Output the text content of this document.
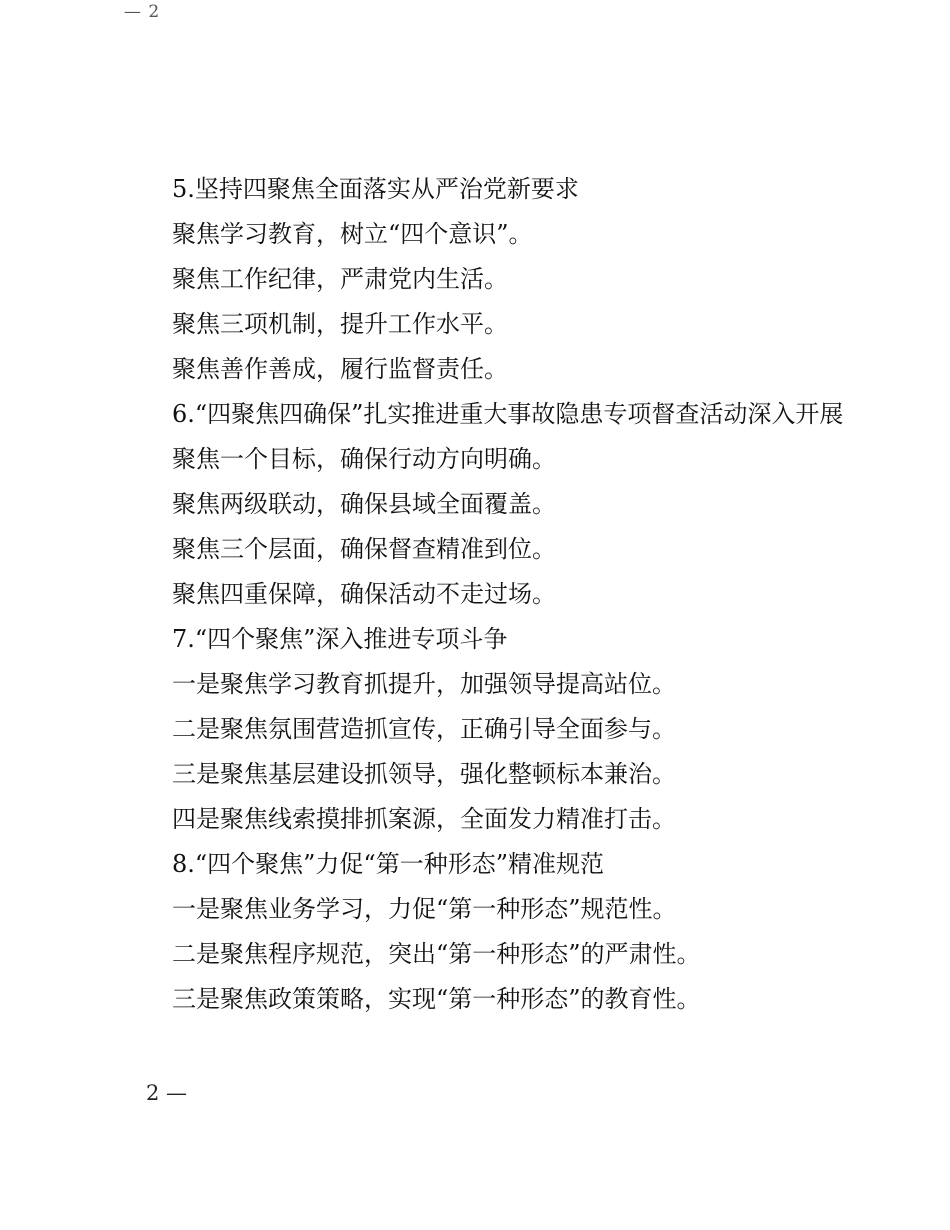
— 2

5.坚持四聚焦全面落实从严治党新要求

聚焦学习教育，树立“四个意识”。

聚焦工作纪律，严肃党内生活。

聚焦三项机制，提升工作水平。

聚焦善作善成，履行监督责任。

6.“四聚焦四确保”扎实推进重大事故隐患专项督查活动深入开展

聚焦一个目标，确保行动方向明确。

聚焦两级联动，确保县域全面覆盖。

聚焦三个层面，确保督查精准到位。

聚焦四重保障，确保活动不走过场。

7.“四个聚焦”深入推进专项斗争

一是聚焦学习教育抓提升，加强领导提高站位。

二是聚焦氛围营造抓宣传，正确引导全面参与。

三是聚焦基层建设抓领导，强化整顿标本兼治。

四是聚焦线索摸排抓案源，全面发力精准打击。

8.“四个聚焦”力促“第一种形态”精准规范

一是聚焦业务学习，力促“第一种形态”规范性。

二是聚焦程序规范，突出“第一种形态”的严肃性。

三是聚焦政策策略，实现“第一种形态”的教育性。

2 —
